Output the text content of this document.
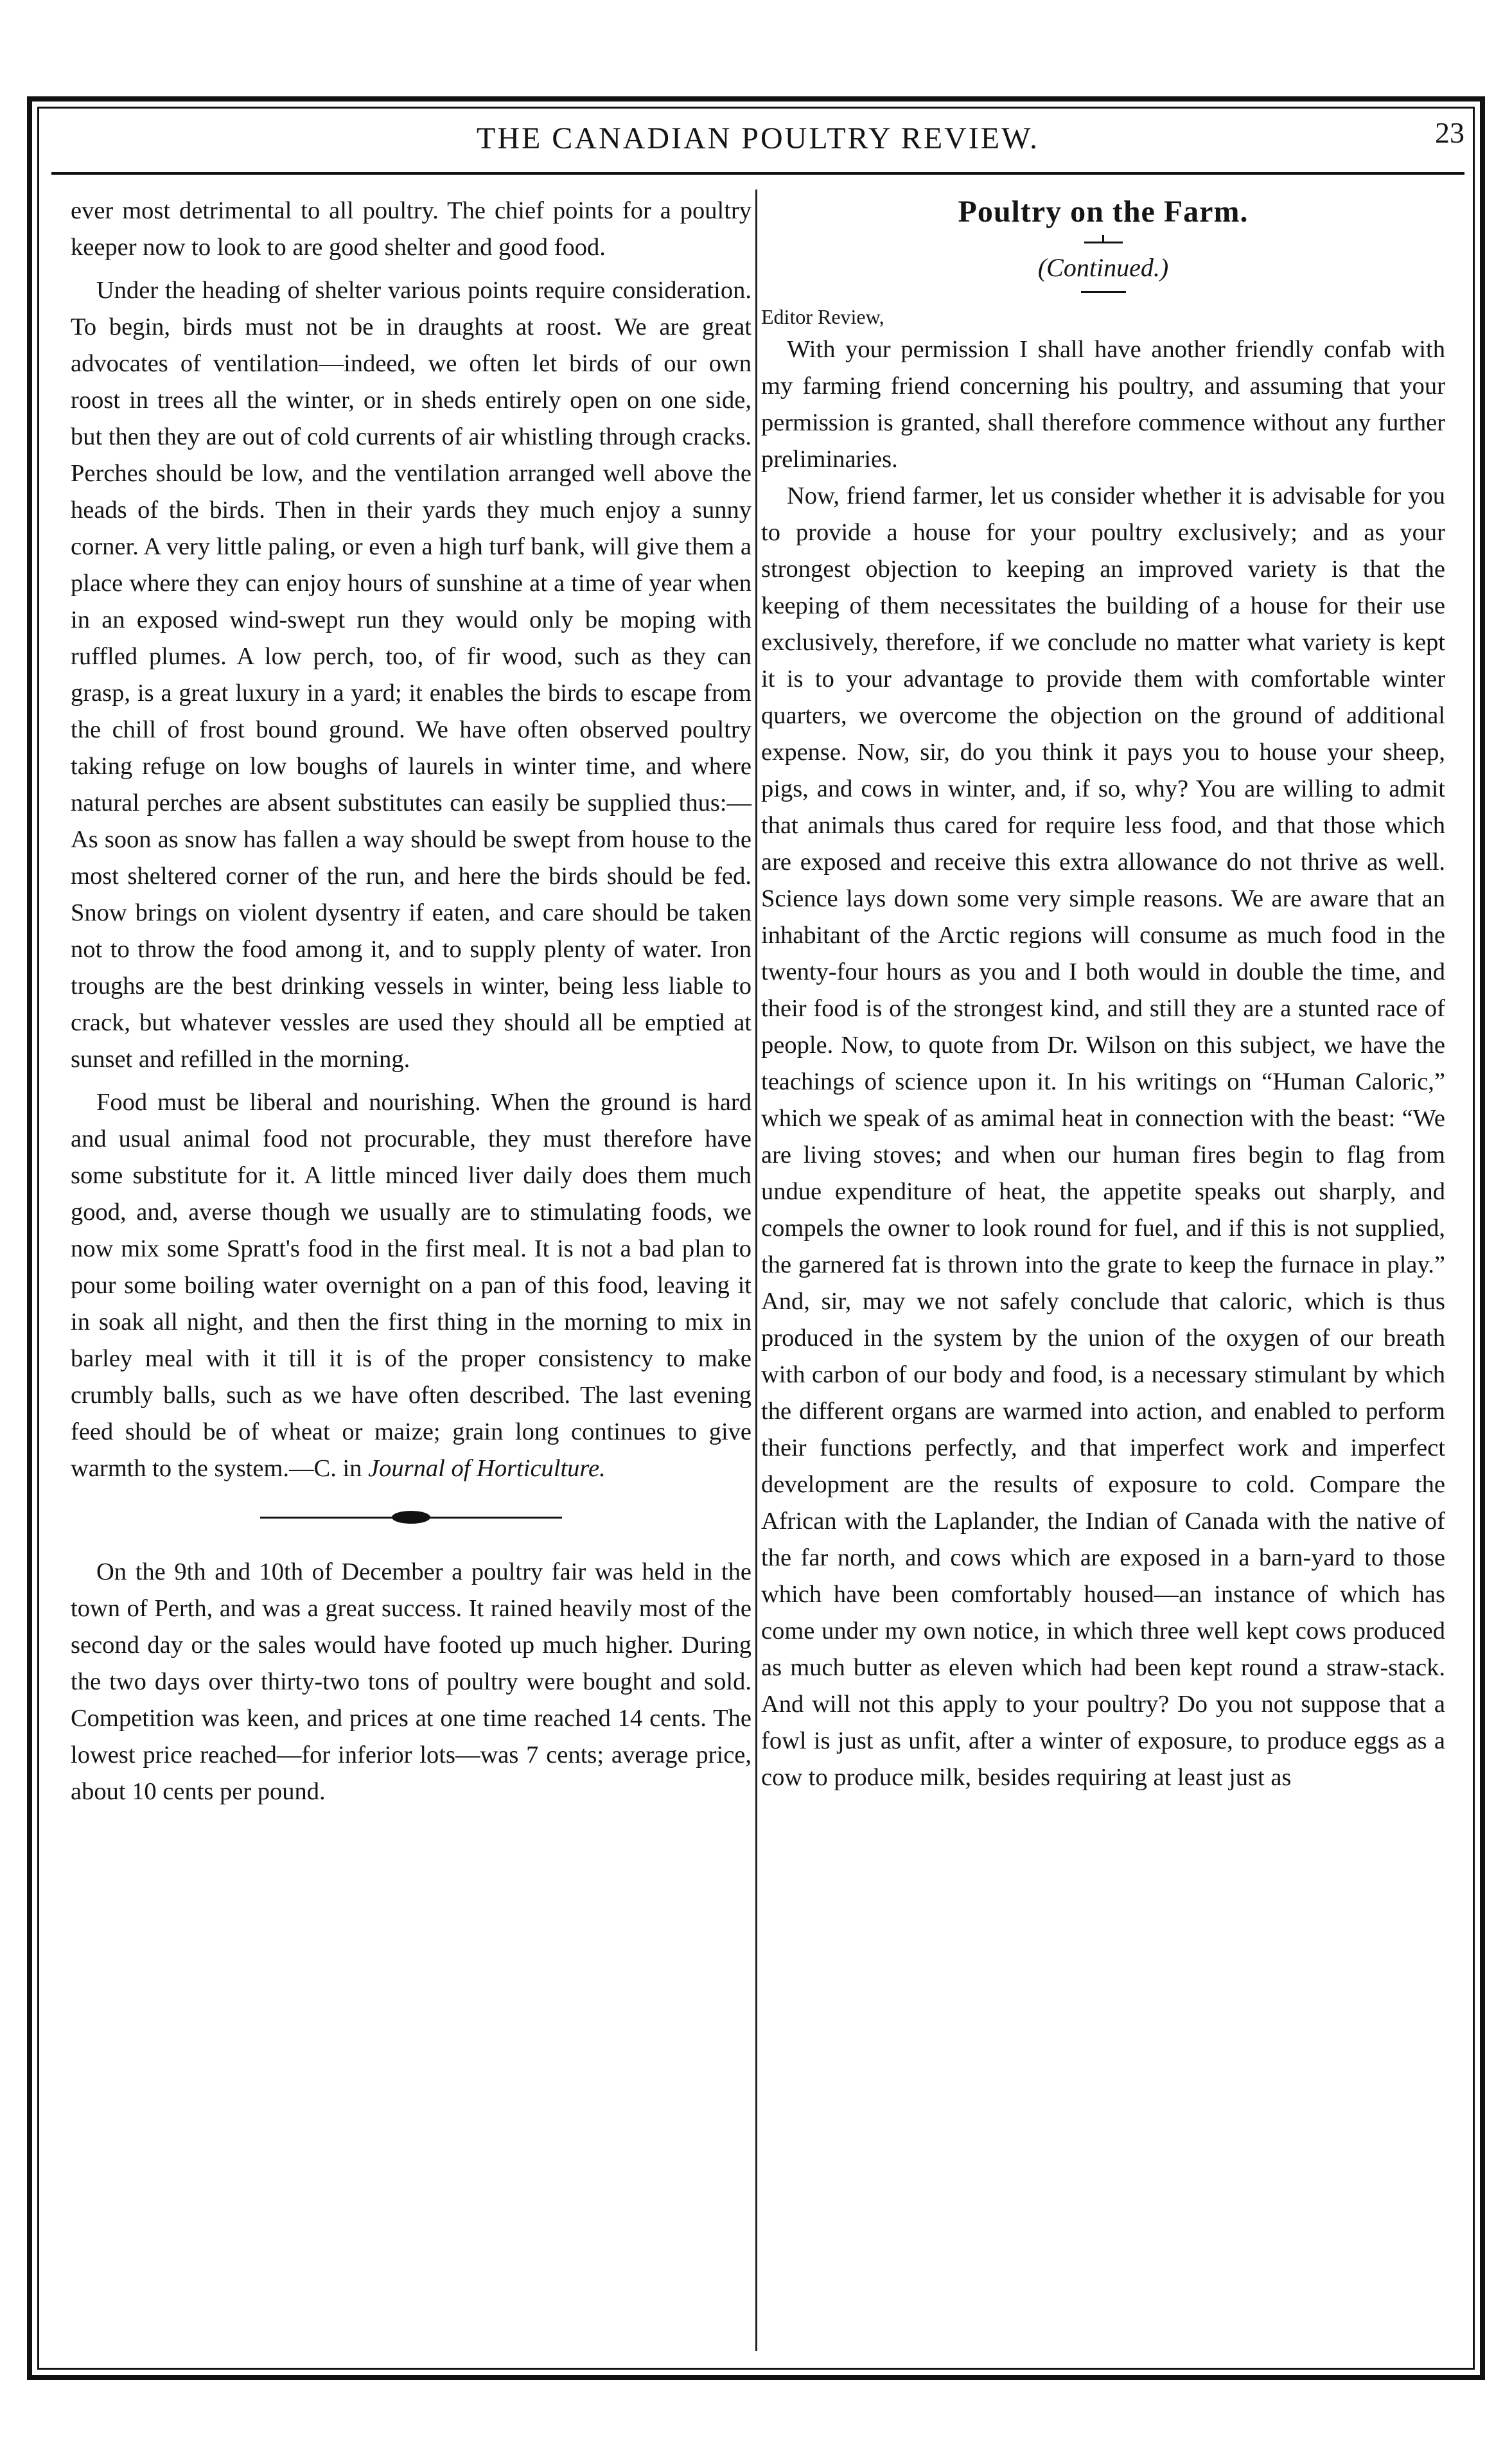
THE CANADIAN POULTRY REVIEW.	23

ever most detrimental to all poultry. The chief points for a poultry keeper now to look to are good shelter and good food.

Under the heading of shelter various points require consideration. To begin, birds must not be in draughts at roost. We are great advocates of ventilation—indeed, we often let birds of our own roost in trees all the winter, or in sheds entirely open on one side, but then they are out of cold currents of air whistling through cracks. Perches should be low, and the ventilation arranged well above the heads of the birds. Then in their yards they much enjoy a sunny corner. A very little paling, or even a high turf bank, will give them a place where they can enjoy hours of sunshine at a time of year when in an exposed wind-swept run they would only be moping with ruffled plumes. A low perch, too, of fir wood, such as they can grasp, is a great luxury in a yard; it enables the birds to escape from the chill of frost bound ground. We have often observed poultry taking refuge on low boughs of laurels in winter time, and where natural perches are absent substitutes can easily be supplied thus:—As soon as snow has fallen a way should be swept from house to the most sheltered corner of the run, and here the birds should be fed. Snow brings on violent dysentry if eaten, and care should be taken not to throw the food among it, and to supply plenty of water. Iron troughs are the best drinking vessels in winter, being less liable to crack, but whatever vessles are used they should all be emptied at sunset and refilled in the morning.

Food must be liberal and nourishing. When the ground is hard and usual animal food not procurable, they must therefore have some substitute for it. A little minced liver daily does them much good, and, averse though we usually are to stimulating foods, we now mix some Spratt's food in the first meal. It is not a bad plan to pour some boiling water overnight on a pan of this food, leaving it in soak all night, and then the first thing in the morning to mix in barley meal with it till it is of the proper consistency to make crumbly balls, such as we have often described. The last evening feed should be of wheat or maize; grain long continues to give warmth to the system.—C. in Journal of Horticulture.

On the 9th and 10th of December a poultry fair was held in the town of Perth, and was a great success. It rained heavily most of the second day or the sales would have footed up much higher. During the two days over thirty-two tons of poultry were bought and sold. Competition was keen, and prices at one time reached 14 cents. The lowest price reached—for inferior lots—was 7 cents; average price, about 10 cents per pound.

Poultry on the Farm.
(Continued.)

Editor Review,

With your permission I shall have another friendly confab with my farming friend concerning his poultry, and assuming that your permission is granted, shall therefore commence without any further preliminaries.

Now, friend farmer, let us consider whether it is advisable for you to provide a house for your poultry exclusively; and as your strongest objection to keeping an improved variety is that the keeping of them necessitates the building of a house for their use exclusively, therefore, if we conclude no matter what variety is kept it is to your advantage to provide them with comfortable winter quarters, we overcome the objection on the ground of additional expense. Now, sir, do you think it pays you to house your sheep, pigs, and cows in winter, and, if so, why? You are willing to admit that animals thus cared for require less food, and that those which are exposed and receive this extra allowance do not thrive as well. Science lays down some very simple reasons. We are aware that an inhabitant of the Arctic regions will consume as much food in the twenty-four hours as you and I both would in double the time, and their food is of the strongest kind, and still they are a stunted race of people. Now, to quote from Dr. Wilson on this subject, we have the teachings of science upon it. In his writings on “Human Caloric,” which we speak of as amimal heat in connection with the beast: “We are living stoves; and when our human fires begin to flag from undue expenditure of heat, the appetite speaks out sharply, and compels the owner to look round for fuel, and if this is not supplied, the garnered fat is thrown into the grate to keep the furnace in play.” And, sir, may we not safely conclude that caloric, which is thus produced in the system by the union of the oxygen of our breath with carbon of our body and food, is a necessary stimulant by which the different organs are warmed into action, and enabled to perform their functions perfectly, and that imperfect work and imperfect development are the results of exposure to cold. Compare the African with the Laplander, the Indian of Canada with the native of the far north, and cows which are exposed in a barn-yard to those which have been comfortably housed—an instance of which has come under my own notice, in which three well kept cows produced as much butter as eleven which had been kept round a straw-stack. And will not this apply to your poultry? Do you not suppose that a fowl is just as unfit, after a winter of exposure, to produce eggs as a cow to produce milk, besides requiring at least just as
